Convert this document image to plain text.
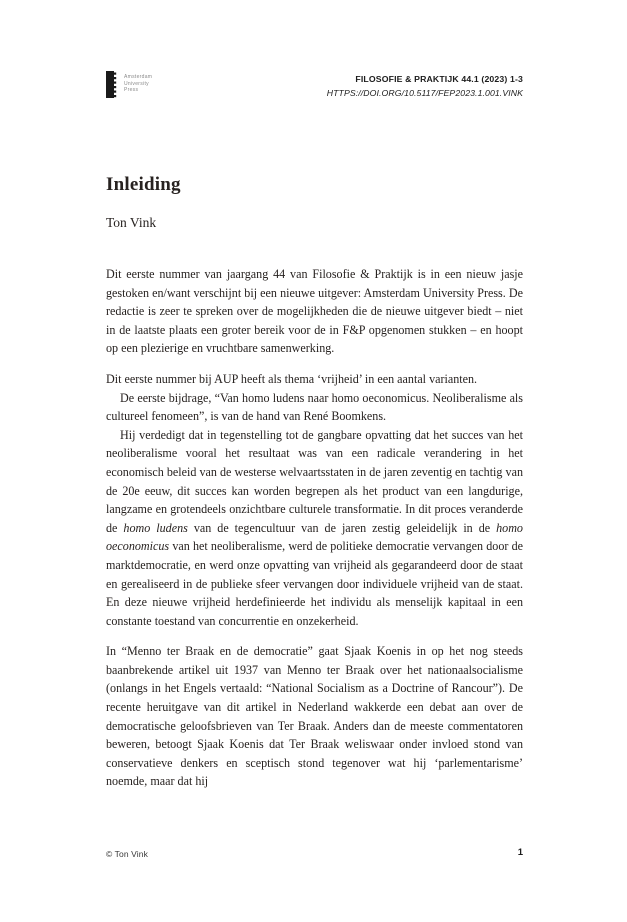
Amsterdam
University
Press
FILOSOFIE & PRAKTIJK 44.1 (2023) 1-3
HTTPS://DOI.ORG/10.5117/FEP2023.1.001.VINK
Inleiding
Ton Vink

Dit eerste nummer van jaargang 44 van Filosofie & Praktijk is in een nieuw jasje gestoken en/want verschijnt bij een nieuwe uitgever: Amsterdam University Press. De redactie is zeer te spreken over de mogelijkheden die de nieuwe uitgever biedt – niet in de laatste plaats een groter bereik voor de in F&P opgenomen stukken – en hoopt op een plezierige en vruchtbare samenwerking.

Dit eerste nummer bij AUP heeft als thema ‘vrijheid’ in een aantal varianten.

De eerste bijdrage, “Van homo ludens naar homo oeconomicus. Neoliberalisme als cultureel fenomeen”, is van de hand van René Boomkens.

Hij verdedigt dat in tegenstelling tot de gangbare opvatting dat het succes van het neoliberalisme vooral het resultaat was van een radicale verandering in het economisch beleid van de westerse welvaartsstaten in de jaren zeventig en tachtig van de 20e eeuw, dit succes kan worden begrepen als het product van een langdurige, langzame en grotendeels onzichtbare culturele transformatie. In dit proces veranderde de homo ludens van de tegencultuur van de jaren zestig geleidelijk in de homo oeconomicus van het neoliberalisme, werd de politieke democratie vervangen door de marktdemocratie, en werd onze opvatting van vrijheid als gegarandeerd door de staat en gerealiseerd in de publieke sfeer vervangen door individuele vrijheid van de staat. En deze nieuwe vrijheid herdefinieerde het individu als menselijk kapitaal in een constante toestand van concurrentie en onzekerheid.

In “Menno ter Braak en de democratie” gaat Sjaak Koenis in op het nog steeds baanbrekende artikel uit 1937 van Menno ter Braak over het nationaalsocialisme (onlangs in het Engels vertaald: “National Socialism as a Doctrine of Rancour”). De recente heruitgave van dit artikel in Nederland wakkerde een debat aan over de democratische geloofsbrieven van Ter Braak. Anders dan de meeste commentatoren beweren, betoogt Sjaak Koenis dat Ter Braak weliswaar onder invloed stond van conservatieve denkers en sceptisch stond tegenover wat hij ‘parlementarisme’ noemde, maar dat hij

© Ton Vink	1
